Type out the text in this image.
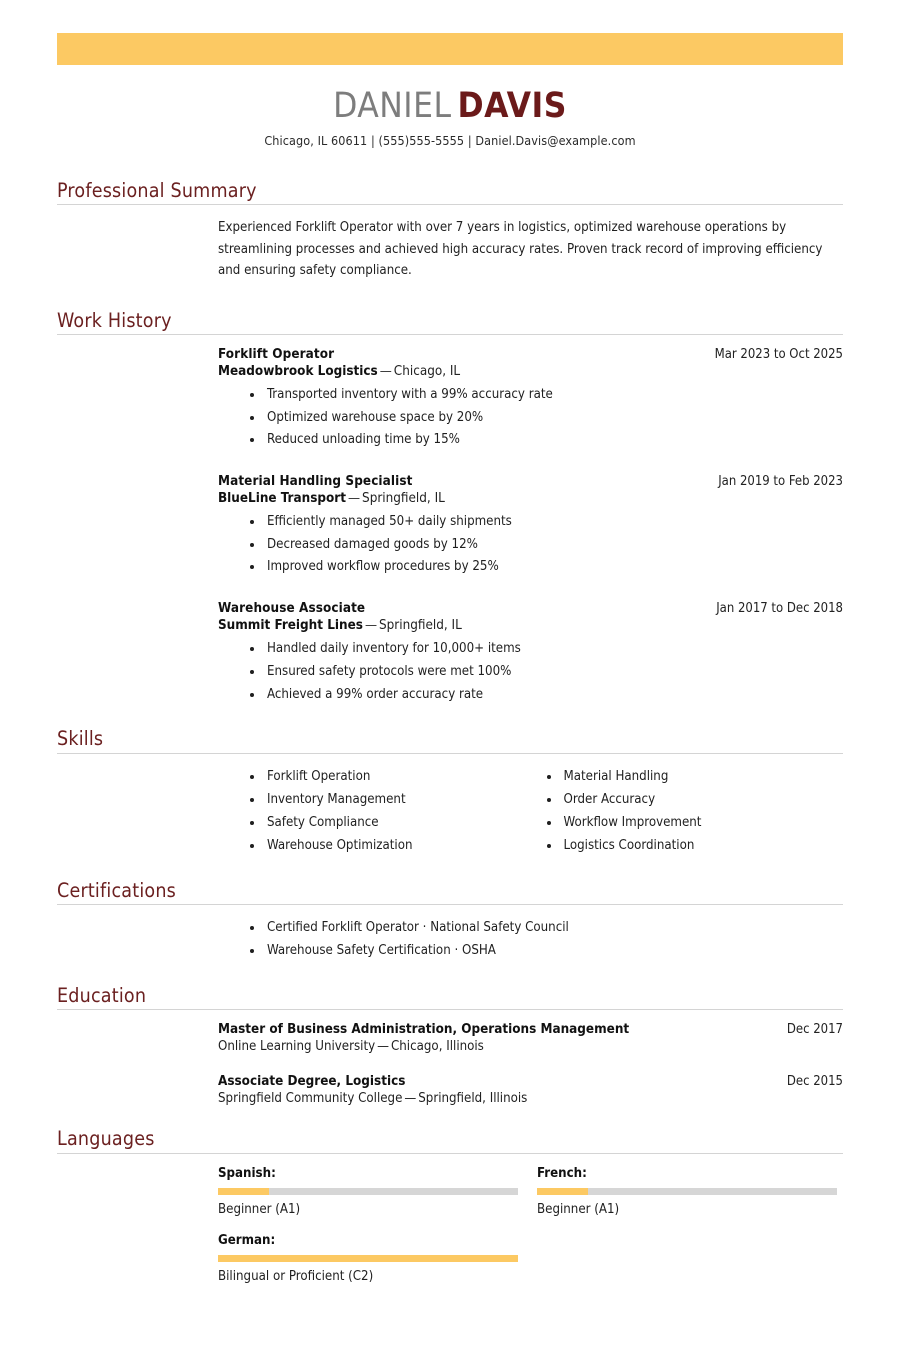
DANIEL DAVIS
Chicago, IL 60611 | (555)555-5555 | Daniel.Davis@example.com
Professional Summary
Experienced Forklift Operator with over 7 years in logistics, optimized warehouse operations by streamlining processes and achieved high accuracy rates. Proven track record of improving efficiency and ensuring safety compliance.
Work History
Forklift Operator	Mar 2023 to Oct 2025
Meadowbrook Logistics — Chicago, IL
Transported inventory with a 99% accuracy rate
Optimized warehouse space by 20%
Reduced unloading time by 15%
Material Handling Specialist	Jan 2019 to Feb 2023
BlueLine Transport — Springfield, IL
Efficiently managed 50+ daily shipments
Decreased damaged goods by 12%
Improved workflow procedures by 25%
Warehouse Associate	Jan 2017 to Dec 2018
Summit Freight Lines — Springfield, IL
Handled daily inventory for 10,000+ items
Ensured safety protocols were met 100%
Achieved a 99% order accuracy rate
Skills
Forklift Operation
Inventory Management
Safety Compliance
Warehouse Optimization
Material Handling
Order Accuracy
Workflow Improvement
Logistics Coordination
Certifications
Certified Forklift Operator · National Safety Council
Warehouse Safety Certification · OSHA
Education
Master of Business Administration, Operations Management	Dec 2017
Online Learning University — Chicago, Illinois
Associate Degree, Logistics	Dec 2015
Springfield Community College — Springfield, Illinois
Languages
Spanish:
Beginner (A1)
French:
Beginner (A1)
German:
Bilingual or Proficient (C2)
